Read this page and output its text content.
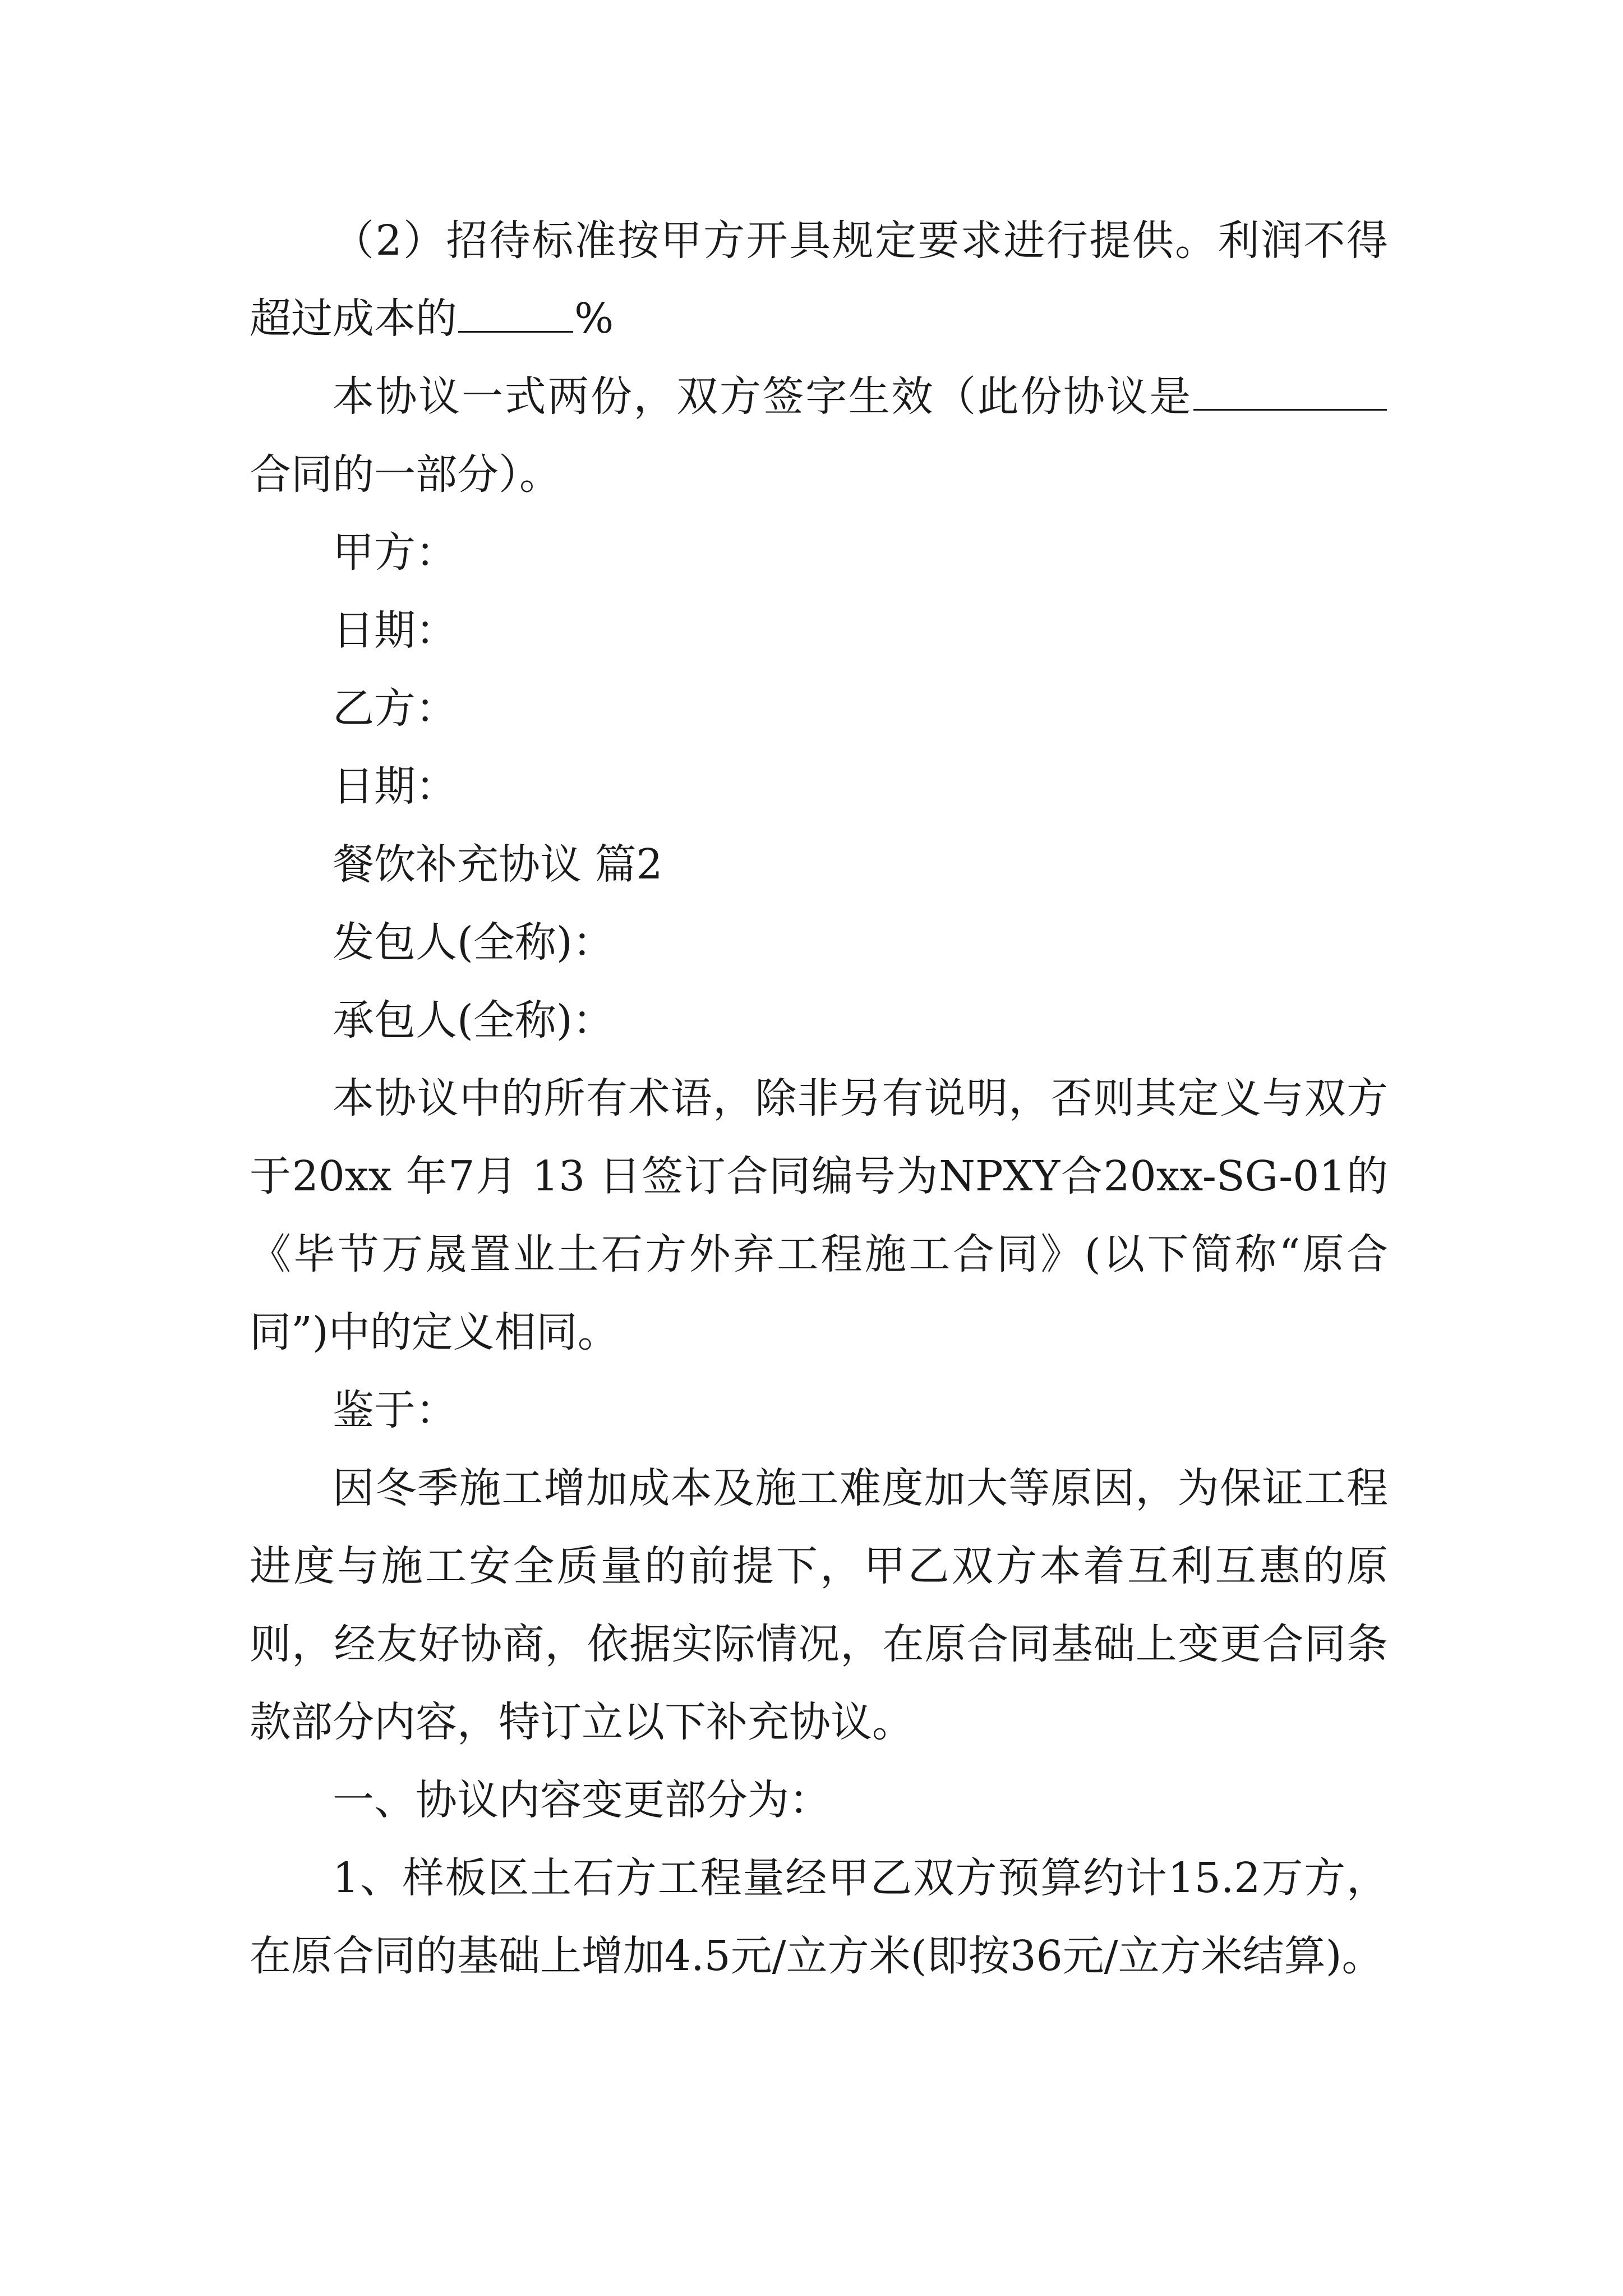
（2）招待标准按甲方开具规定要求进行提供。利润不得超过成本的	%

本协议一式两份，双方签字生效（此份协议是合同的一部分）。

甲方：

日期：

乙方：

日期：

餐饮补充协议 篇2

发包人(全称)：

承包人(全称)：

本协议中的所有术语，除非另有说明，否则其定义与双方于20xx 年7月 13 日签订合同编号为NPXY合20xx-SG-01的《毕节万晟置业土石方外弃工程施工合同》(以下简称“原合同”)中的定义相同。

鉴于：

因冬季施工增加成本及施工难度加大等原因，为保证工程进度与施工安全质量的前提下，甲乙双方本着互利互惠的原则，经友好协商，依据实际情况，在原合同基础上变更合同条款部分内容，特订立以下补充协议。

一、协议内容变更部分为：

1、样板区土石方工程量经甲乙双方预算约计15.2万方，在原合同的基础上增加4.5元/立方米(即按36元/立方米结算)。
